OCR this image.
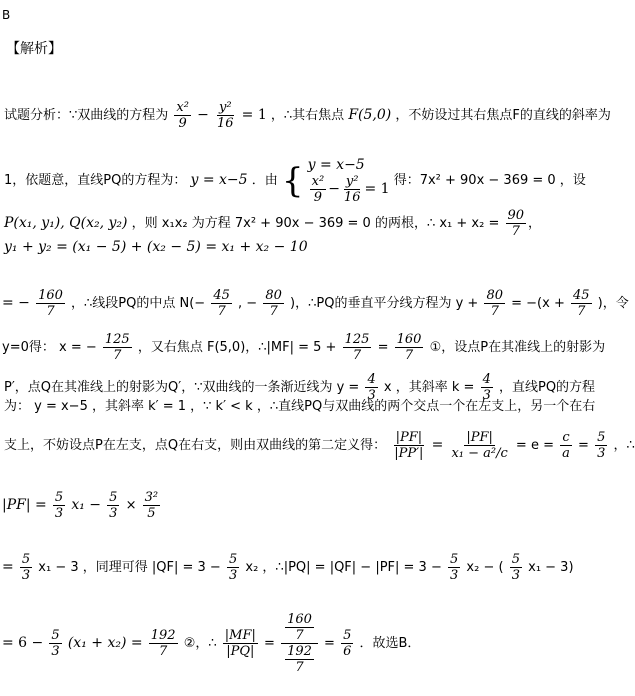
B
【解析】
试题分析：∵双曲线的方程为 $\frac{\text{x²}}{9} - \frac{\text{y²}}{16} = 1$ ，∴其右焦点 F(5,0) ，不妨设过其右焦点F的直线的斜率为
1，依题意，直线PQ的方程为： y = x−5 ．由 { y = x−5
$\frac{\text{x²}}{9} - \frac{\text{y²}}{16} = 1$
得：7x² + 90x − 369 = 0 ，设
P(x₁, y₁), Q(x₂, y₂) ，则 x₁x₂ 为方程 7x² + 90x − 369 = 0 的两根，∴ $x_1 + x_2 = \frac{90}{7}$ ，
y₁ + y₂ = (x₁ − 5) + (x₂ − 5) = x₁ + x₂ − 10
= − $\frac{160}{7}$ ，∴线段PQ的中点 $N(- \frac{45}{7}$ , − $\frac{80}{7}$ )，∴PQ的垂直平分线方程为 $y + \frac{80}{7} = -(x + \frac{45}{7}$ )，令
y=0得： x = − $\frac{125}{7}$ ，又右焦点 F(5,0)，∴|MF| = $5 + \frac{125}{7} = \frac{160}{7}$ ①，设点P在其准线上的射影为
P′，点Q在其准线上的射影为Q′，∵双曲线的一条渐近线为 $y = \frac{4}{3}$ x ，其斜率 $k = \frac{4}{3}$ ，直线PQ的方程
为： y = x−5 ，其斜率 k′ = 1 ，∵ k′ < k ，∴直线PQ与双曲线的两个交点一个在左支上，另一个在右
支上，不妨设点P在左支，点Q在右支，则由双曲线的第二定义得： $\frac{|PF|}{|PP'|} = \frac{|PF|}{\text{x₁ − a²/c}} = e = \frac{c}{a} = \frac{5}{3}$ ，∴
$|PF| = \frac{5}{3} x_1 - \frac{5}{3} \times \frac{\text{3²}}{5}$
= $\frac{5}{3} x_1 - 3$ ，同理可得 $|QF| = 3 - \frac{5}{3} x_2$ ，∴|PQ| = $|QF| - |PF| = 3 - \frac{5}{3} x_2$ − ( $\frac{5}{3} x_1 - 3$)
= $6 - \frac{5}{3} (x_1 + x_2) = \frac{192}{7}$ ②，∴ $\frac{|MF|}{|PQ|} = \frac{\frac{160}{7}}{\frac{192}{7}} = \frac{5}{6}$ ．故选B．
